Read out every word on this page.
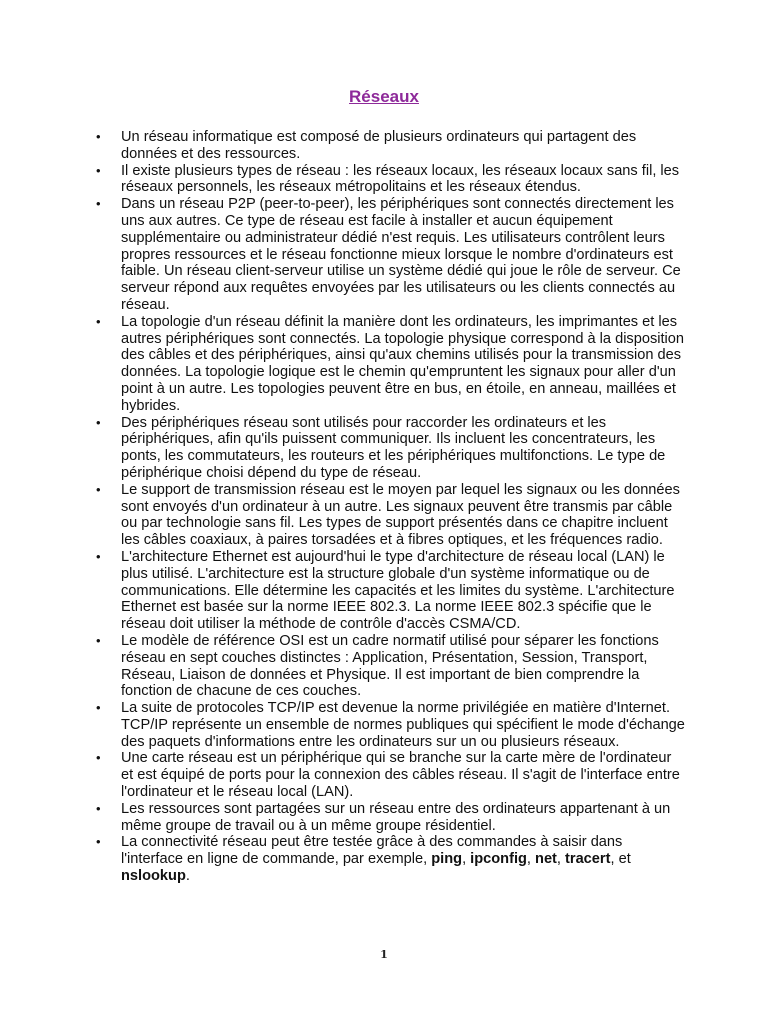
Réseaux
• Un réseau informatique est composé de plusieurs ordinateurs qui partagent des données et des ressources.
• Il existe plusieurs types de réseau : les réseaux locaux, les réseaux locaux sans fil, les réseaux personnels, les réseaux métropolitains et les réseaux étendus.
• Dans un réseau P2P (peer-to-peer), les périphériques sont connectés directement les uns aux autres. Ce type de réseau est facile à installer et aucun équipement supplémentaire ou administrateur dédié n'est requis. Les utilisateurs contrôlent leurs propres ressources et le réseau fonctionne mieux lorsque le nombre d'ordinateurs est faible. Un réseau client-serveur utilise un système dédié qui joue le rôle de serveur. Ce serveur répond aux requêtes envoyées par les utilisateurs ou les clients connectés au réseau.
• La topologie d'un réseau définit la manière dont les ordinateurs, les imprimantes et les autres périphériques sont connectés. La topologie physique correspond à la disposition des câbles et des périphériques, ainsi qu'aux chemins utilisés pour la transmission des données. La topologie logique est le chemin qu'empruntent les signaux pour aller d'un point à un autre. Les topologies peuvent être en bus, en étoile, en anneau, maillées et hybrides.
• Des périphériques réseau sont utilisés pour raccorder les ordinateurs et les périphériques, afin qu'ils puissent communiquer. Ils incluent les concentrateurs, les ponts, les commutateurs, les routeurs et les périphériques multifonctions. Le type de périphérique choisi dépend du type de réseau.
• Le support de transmission réseau est le moyen par lequel les signaux ou les données sont envoyés d'un ordinateur à un autre. Les signaux peuvent être transmis par câble ou par technologie sans fil. Les types de support présentés dans ce chapitre incluent les câbles coaxiaux, à paires torsadées et à fibres optiques, et les fréquences radio.
• L'architecture Ethernet est aujourd'hui le type d'architecture de réseau local (LAN) le plus utilisé. L'architecture est la structure globale d'un système informatique ou de communications. Elle détermine les capacités et les limites du système. L'architecture Ethernet est basée sur la norme IEEE 802.3. La norme IEEE 802.3 spécifie que le réseau doit utiliser la méthode de contrôle d'accès CSMA/CD.
• Le modèle de référence OSI est un cadre normatif utilisé pour séparer les fonctions réseau en sept couches distinctes : Application, Présentation, Session, Transport, Réseau, Liaison de données et Physique. Il est important de bien comprendre la fonction de chacune de ces couches.
• La suite de protocoles TCP/IP est devenue la norme privilégiée en matière d'Internet. TCP/IP représente un ensemble de normes publiques qui spécifient le mode d'échange des paquets d'informations entre les ordinateurs sur un ou plusieurs réseaux.
• Une carte réseau est un périphérique qui se branche sur la carte mère de l'ordinateur et est équipé de ports pour la connexion des câbles réseau. Il s'agit de l'interface entre l'ordinateur et le réseau local (LAN).
• Les ressources sont partagées sur un réseau entre des ordinateurs appartenant à un même groupe de travail ou à un même groupe résidentiel.
• La connectivité réseau peut être testée grâce à des commandes à saisir dans l'interface en ligne de commande, par exemple, ping, ipconfig, net, tracert, et nslookup.
1
